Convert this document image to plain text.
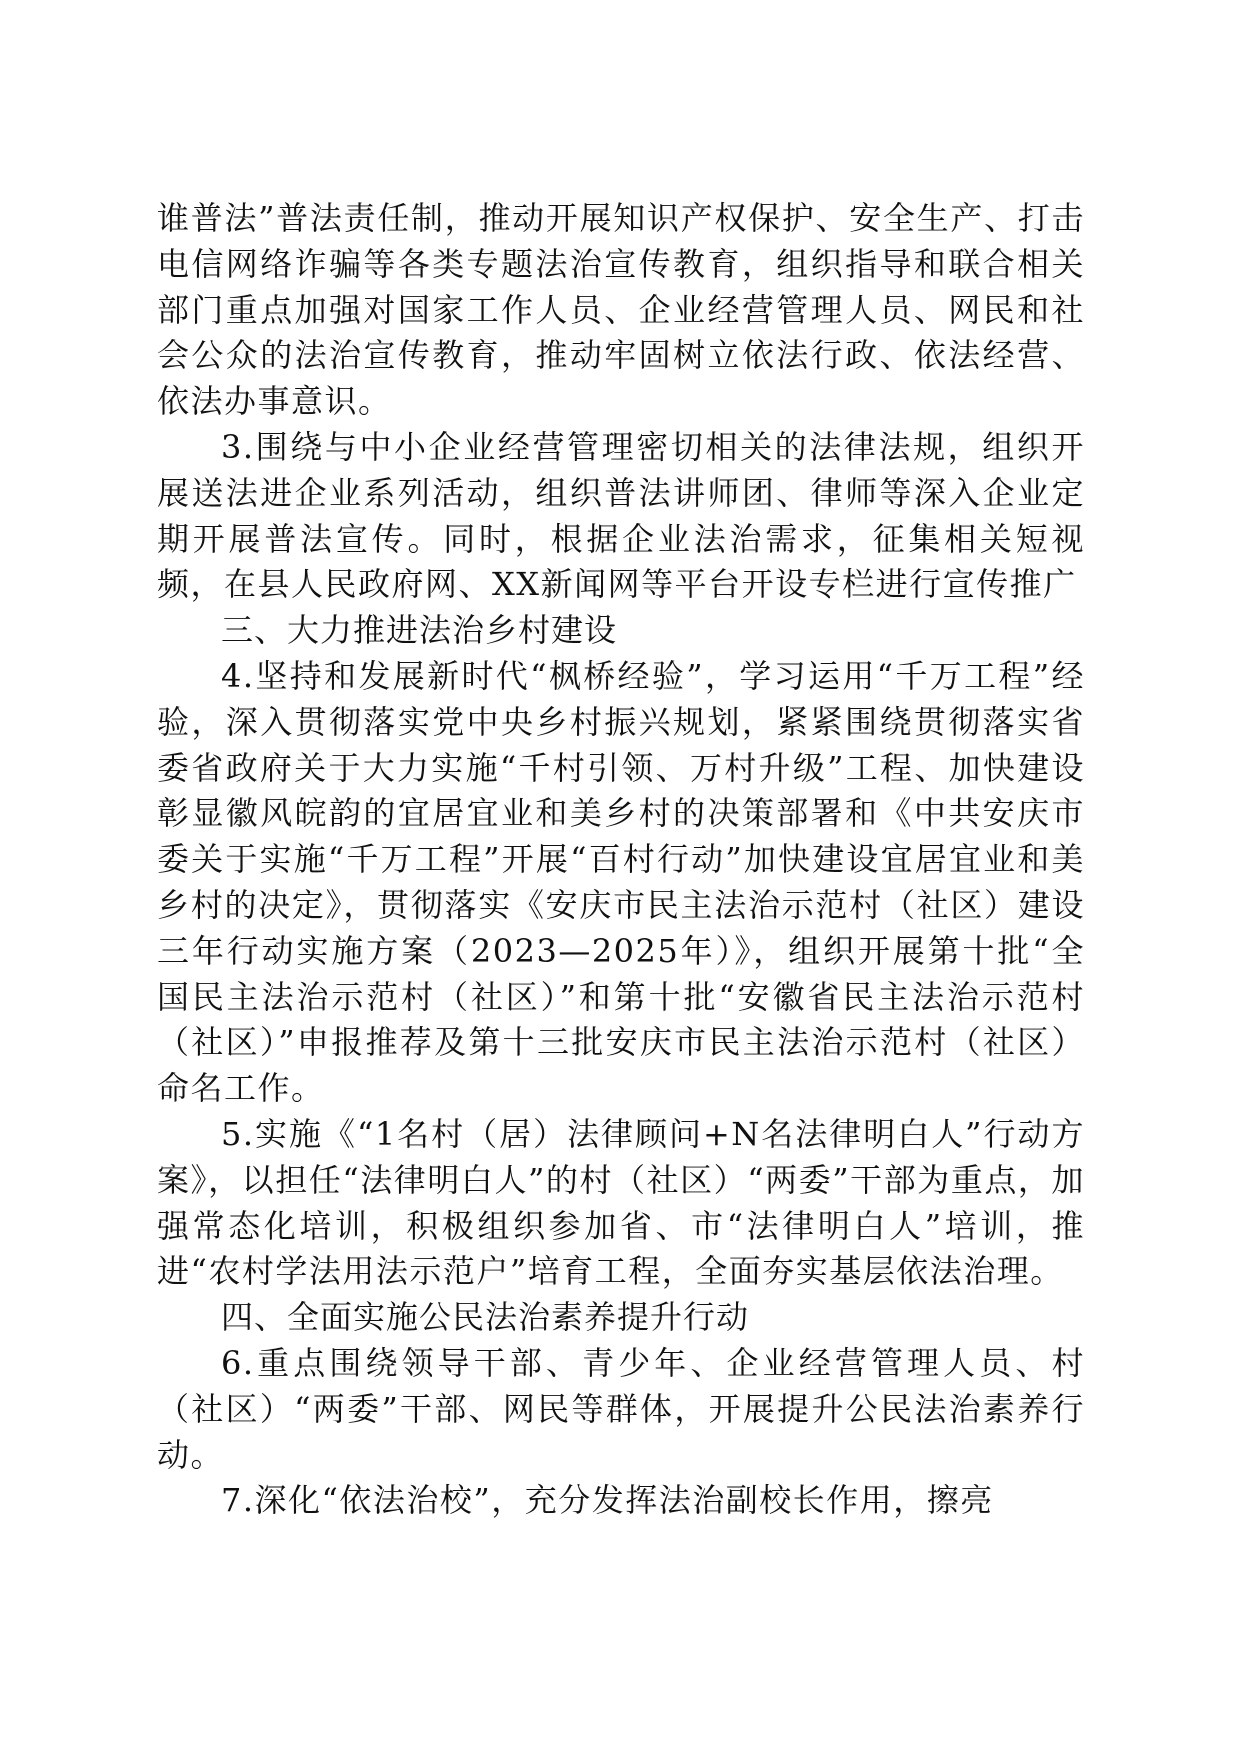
谁普法”普法责任制，推动开展知识产权保护、安全生产、打击电信网络诈骗等各类专题法治宣传教育，组织指导和联合相关部门重点加强对国家工作人员、企业经营管理人员、网民和社会公众的法治宣传教育，推动牢固树立依法行政、依法经营、依法办事意识。

3.围绕与中小企业经营管理密切相关的法律法规，组织开展送法进企业系列活动，组织普法讲师团、律师等深入企业定期开展普法宣传。同时，根据企业法治需求，征集相关短视频，在县人民政府网、XX新闻网等平台开设专栏进行宣传推广

三、大力推进法治乡村建设

4.坚持和发展新时代“枫桥经验”，学习运用“千万工程”经验，深入贯彻落实党中央乡村振兴规划，紧紧围绕贯彻落实省委省政府关于大力实施“千村引领、万村升级”工程、加快建设彰显徽风皖韵的宜居宜业和美乡村的决策部署和《中共安庆市委关于实施“千万工程”开展“百村行动”加快建设宜居宜业和美乡村的决定》，贯彻落实《安庆市民主法治示范村（社区）建设三年行动实施方案（2023—2025年）》，组织开展第十批“全国民主法治示范村（社区）”和第十批“安徽省民主法治示范村（社区）”申报推荐及第十三批安庆市民主法治示范村（社区）命名工作。

5.实施《“1名村（居）法律顾问+N名法律明白人”行动方案》，以担任“法律明白人”的村（社区）“两委”干部为重点，加强常态化培训，积极组织参加省、市“法律明白人”培训，推进“农村学法用法示范户”培育工程，全面夯实基层依法治理。

四、全面实施公民法治素养提升行动

6.重点围绕领导干部、青少年、企业经营管理人员、村（社区）“两委”干部、网民等群体，开展提升公民法治素养行动。

7.深化“依法治校”，充分发挥法治副校长作用，擦亮
